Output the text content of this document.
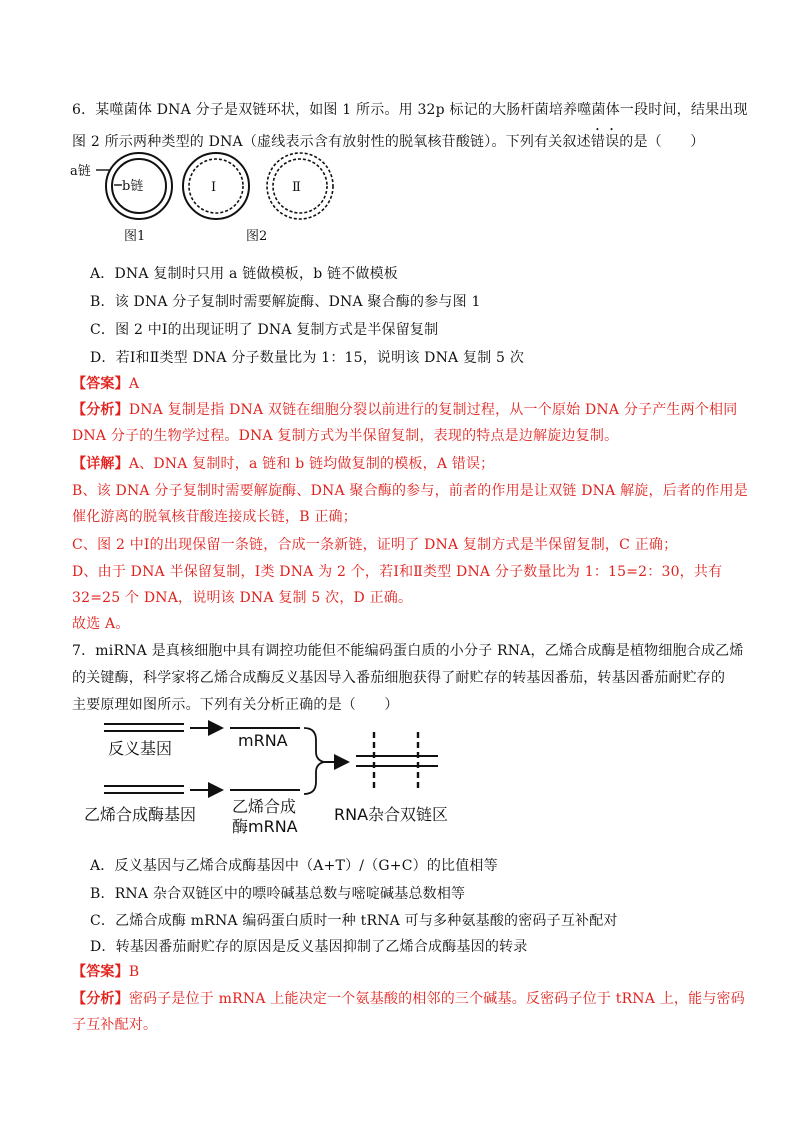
6．某噬菌体 DNA 分子是双链环状，如图 1 所示。用 32p 标记的大肠杆菌培养噬菌体一段时间，结果出现
图 2 所示两种类型的 DNA（虚线表示含有放射性的脱氧核苷酸链）。下列有关叙述错误的是（　　）
a链
b链
图1
Ⅰ	Ⅱ
图2
A．DNA 复制时只用 a 链做模板，b 链不做模板
B．该 DNA 分子复制时需要解旋酶、DNA 聚合酶的参与图 1
C．图 2 中Ⅰ的出现证明了 DNA 复制方式是半保留复制
D．若Ⅰ和Ⅱ类型 DNA 分子数量比为 1：15，说明该 DNA 复制 5 次
【答案】A
【分析】DNA 复制是指 DNA 双链在细胞分裂以前进行的复制过程，从一个原始 DNA 分子产生两个相同
DNA 分子的生物学过程。DNA 复制方式为半保留复制，表现的特点是边解旋边复制。
【详解】A、DNA 复制时，a 链和 b 链均做复制的模板，A 错误；
B、该 DNA 分子复制时需要解旋酶、DNA 聚合酶的参与，前者的作用是让双链 DNA 解旋，后者的作用是
催化游离的脱氧核苷酸连接成长链，B 正确；
C、图 2 中Ⅰ的出现保留一条链，合成一条新链，证明了 DNA 复制方式是半保留复制，C 正确；
D、由于 DNA 半保留复制，Ⅰ类 DNA 为 2 个，若Ⅰ和Ⅱ类型 DNA 分子数量比为 1：15=2：30，共有
32=25 个 DNA，说明该 DNA 复制 5 次，D 正确。
故选 A。
7．miRNA 是真核细胞中具有调控功能但不能编码蛋白质的小分子 RNA，乙烯合成酶是植物细胞合成乙烯
的关键酶，科学家将乙烯合成酶反义基因导入番茄细胞获得了耐贮存的转基因番茄，转基因番茄耐贮存的
主要原理如图所示。下列有关分析正确的是（　　）
反义基因	mRNA
乙烯合成酶基因 乙烯合成
酶mRNA
RNA杂合双链区
A．反义基因与乙烯合成酶基因中（A+T）/（G+C）的比值相等
B．RNA 杂合双链区中的嘌呤碱基总数与嘧啶碱基总数相等
C．乙烯合成酶 mRNA 编码蛋白质时一种 tRNA 可与多种氨基酸的密码子互补配对
D．转基因番茄耐贮存的原因是反义基因抑制了乙烯合成酶基因的转录
【答案】B
【分析】密码子是位于 mRNA 上能决定一个氨基酸的相邻的三个碱基。反密码子位于 tRNA 上，能与密码
子互补配对。
